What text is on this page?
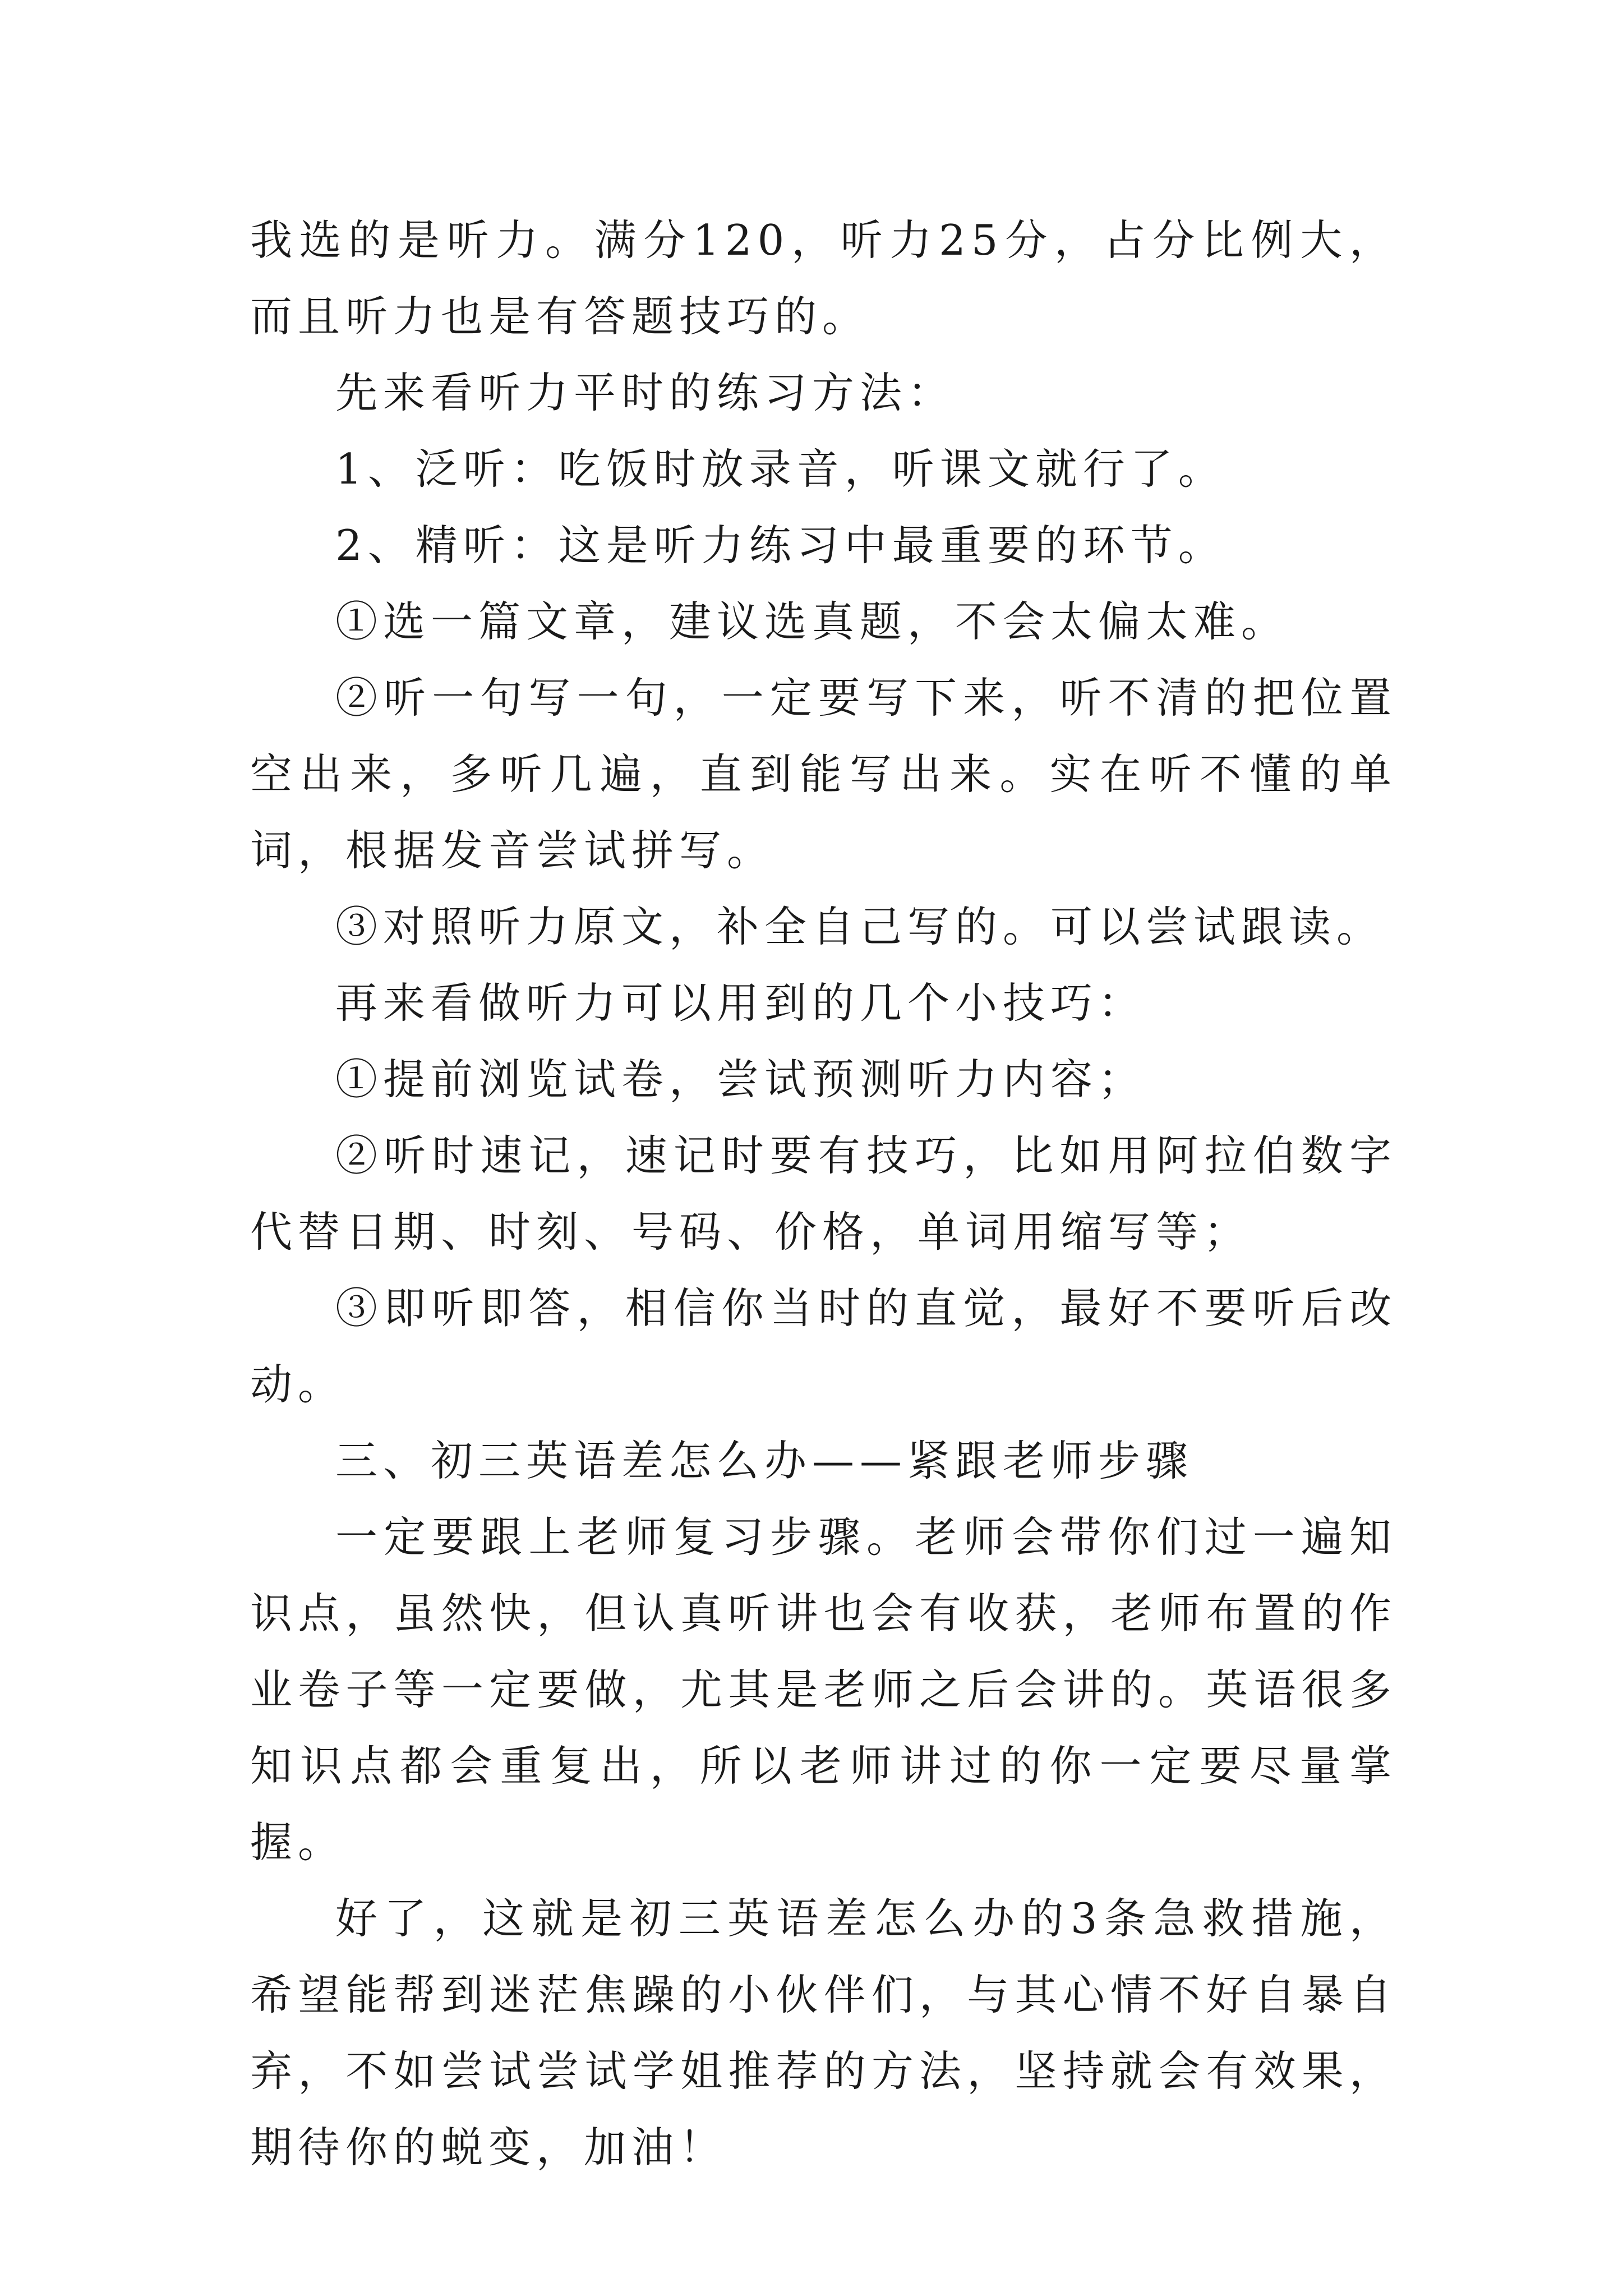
我选的是听力。满分120，听力25分，占分比例大，而且听力也是有答题技巧的。

先来看听力平时的练习方法：

1、泛听：吃饭时放录音，听课文就行了。

2、精听：这是听力练习中最重要的环节。

①选一篇文章，建议选真题，不会太偏太难。

②听一句写一句，一定要写下来，听不清的把位置空出来，多听几遍，直到能写出来。实在听不懂的单词，根据发音尝试拼写。

③对照听力原文，补全自己写的。可以尝试跟读。

再来看做听力可以用到的几个小技巧：

①提前浏览试卷，尝试预测听力内容；

②听时速记，速记时要有技巧，比如用阿拉伯数字代替日期、时刻、号码、价格，单词用缩写等；

③即听即答，相信你当时的直觉，最好不要听后改动。

三、初三英语差怎么办——紧跟老师步骤

一定要跟上老师复习步骤。老师会带你们过一遍知识点，虽然快，但认真听讲也会有收获，老师布置的作业卷子等一定要做，尤其是老师之后会讲的。英语很多知识点都会重复出，所以老师讲过的你一定要尽量掌握。

好了，这就是初三英语差怎么办的3条急救措施，希望能帮到迷茫焦躁的小伙伴们，与其心情不好自暴自弃，不如尝试尝试学姐推荐的方法，坚持就会有效果，期待你的蜕变，加油！
